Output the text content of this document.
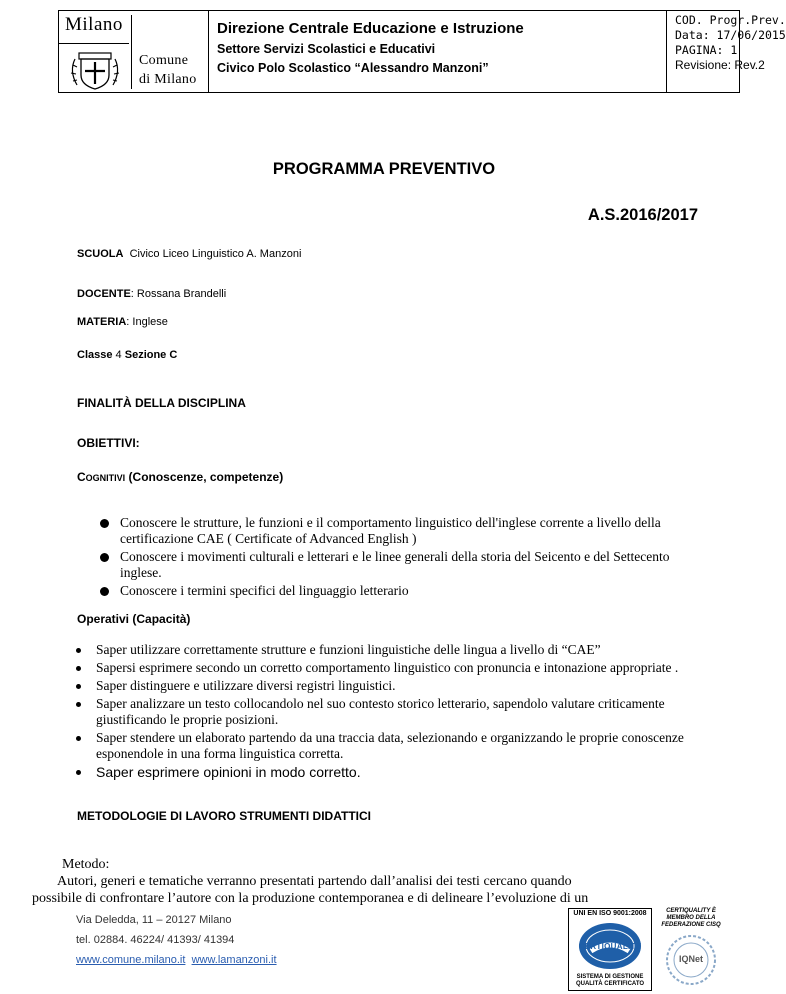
Milano
Comune
di Milano
Direzione Centrale Educazione e Istruzione
Settore Servizi Scolastici e Educativi
Civico Polo Scolastico “Alessandro Manzoni”
COD. Progr.Prev.
Data: 17/06/2015
PAGINA: 1
Revisione: Rev.2
PROGRAMMA PREVENTIVO
A.S.2016/2017
SCUOLA Civico Liceo Linguistico A. Manzoni
DOCENTE: Rossana Brandelli
MATERIA: Inglese
Classe 4 Sezione C
FINALITÀ DELLA DISCIPLINA
OBIETTIVI:
COGNITIVI (Conoscenze, competenze)
Conoscere le strutture, le funzioni e il comportamento linguistico dell'inglese corrente a livello della certificazione CAE ( Certificate of Advanced English )
Conoscere i movimenti culturali e letterari e le linee generali della storia del Seicento e del Settecento inglese.
Conoscere i termini specifici del linguaggio letterario
Operativi (Capacità)
Saper utilizzare correttamente strutture e funzioni linguistiche delle lingua a livello di “CAE”
Sapersi esprimere secondo un corretto comportamento linguistico con pronuncia e intonazione appropriate .
Saper distinguere e utilizzare diversi registri linguistici.
Saper analizzare un testo collocandolo nel suo contesto storico letterario, sapendolo valutare criticamente giustificando le proprie posizioni.
Saper stendere un elaborato partendo da una traccia data, selezionando e organizzando le proprie conoscenze esponendole in una forma linguistica corretta.
Saper esprimere opinioni in modo corretto.
METODOLOGIE DI LAVORO STRUMENTI DIDATTICI
Metodo:
Autori, generi e tematiche verranno presentati partendo dall’analisi dei testi cercano quando
possibile di confrontare l’autore con la produzione contemporanea e di delineare l’evoluzione di un
Via Deledda, 11 – 20127 Milano
tel. 02884. 46224/ 41393/ 41394
www.comune.milano.it www.lamanzoni.it
UNI EN ISO 9001:2008
CERTIQUALITY
SISTEMA DI GESTIONE
QUALITÀ CERTIFICATO
CERTIQUALITY È MEMBRO DELLA FEDERAZIONE CISQ
IQNet
